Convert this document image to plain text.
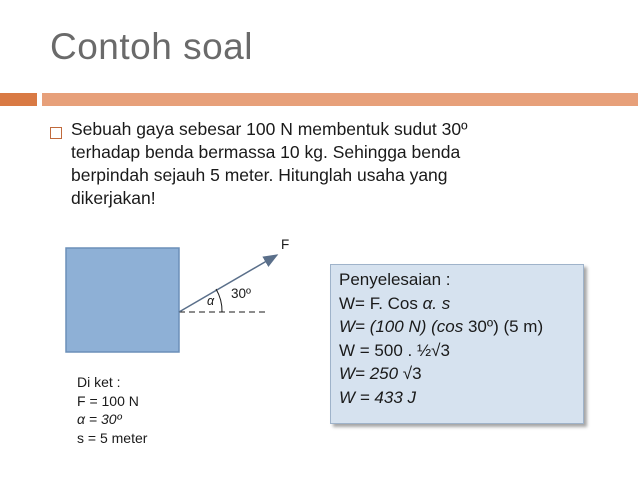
Contoh soal
Sebuah gaya sebesar 100 N membentuk sudut 30º
terhadap benda bermassa 10 kg. Sehingga benda
berpindah sejauh 5 meter. Hitunglah usaha yang
dikerjakan!
F
30º
α
Di ket :
F = 100 N
α = 30º
s = 5 meter
Penyelesaian :
W= F. Cos α. s
W= (100 N) (cos 30º) (5 m)
W = 500 . ½√3
W= 250 √3
W = 433 J
